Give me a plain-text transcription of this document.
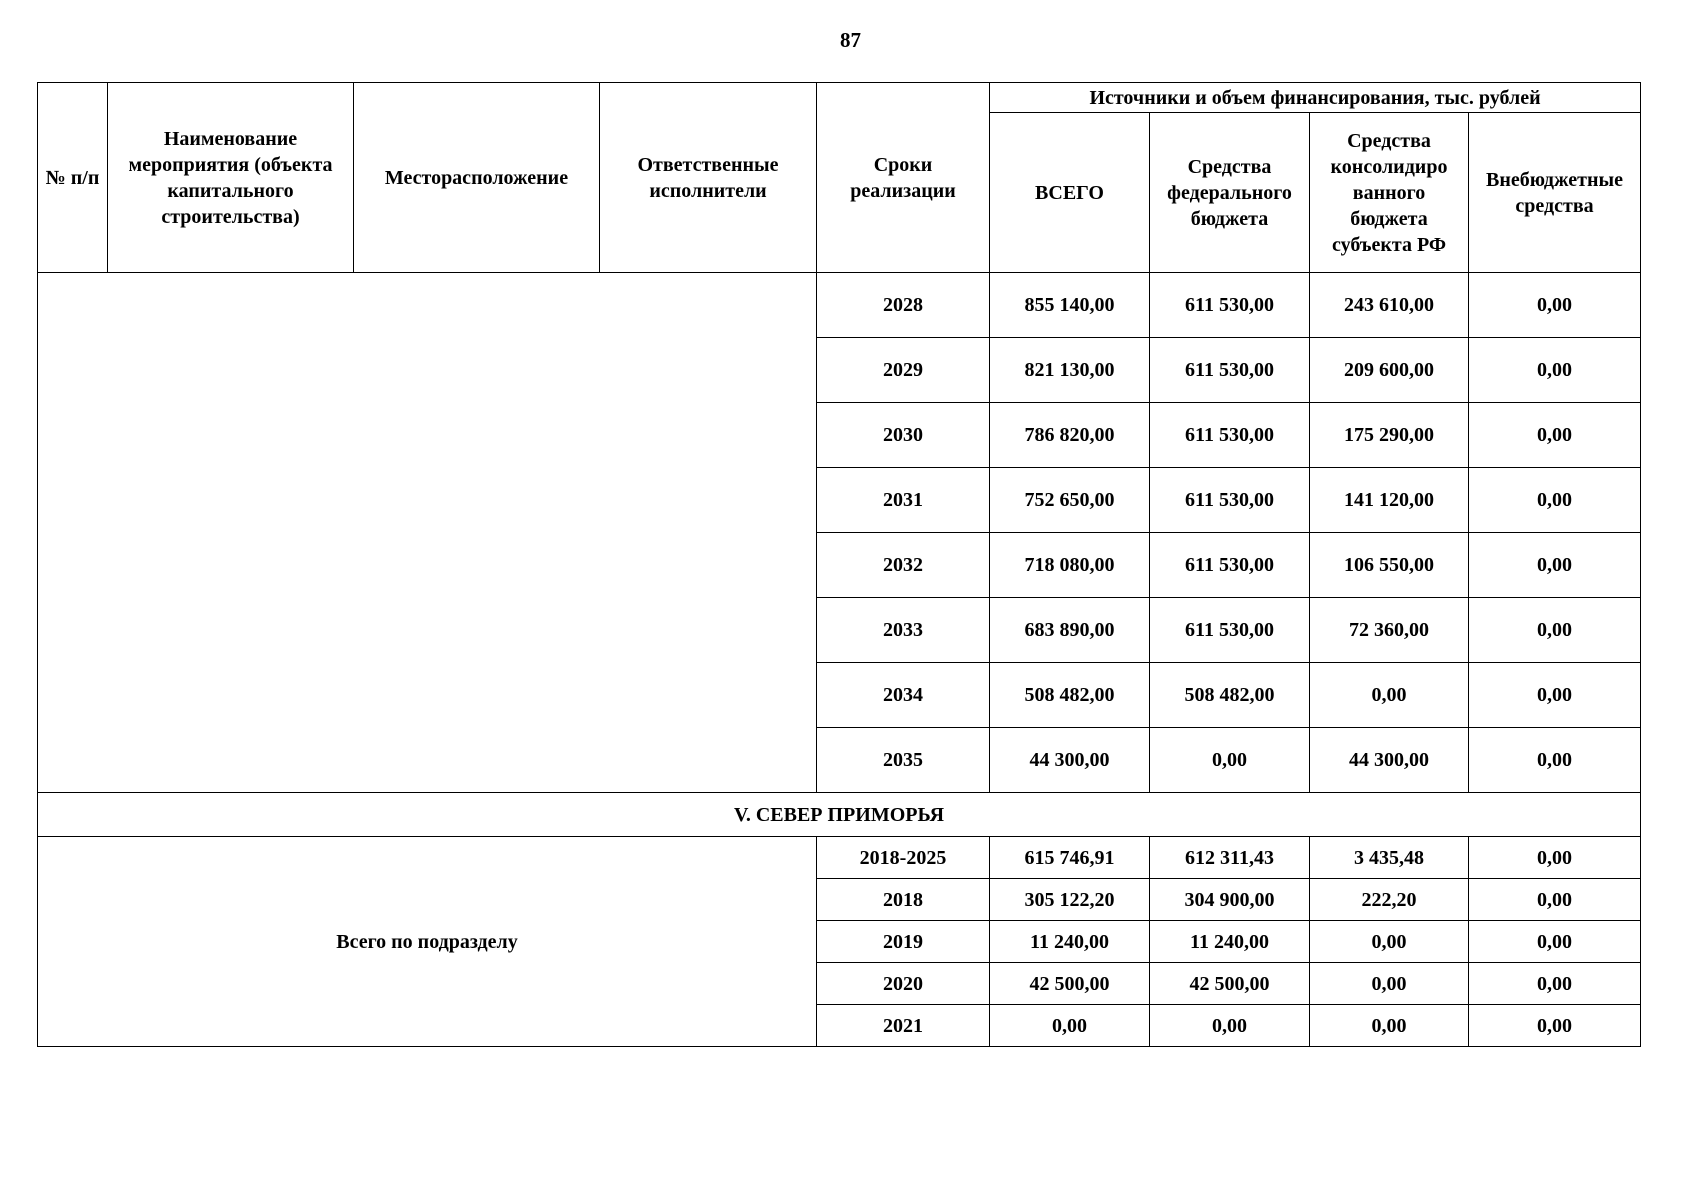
87
№ п/п	Наименование мероприятия (объекта капитального строительства)	Месторасположение	Ответственные исполнители	Сроки реализации	Источники и объем финансирования, тыс. рублей			
					ВСЕГО	Средства федерального бюджета	Средства консолидиро ванного бюджета субъекта РФ	Внебюджетные средства
				2028	855 140,00	611 530,00	243 610,00	0,00
				2029	821 130,00	611 530,00	209 600,00	0,00
				2030	786 820,00	611 530,00	175 290,00	0,00
				2031	752 650,00	611 530,00	141 120,00	0,00
				2032	718 080,00	611 530,00	106 550,00	0,00
				2033	683 890,00	611 530,00	72 360,00	0,00
				2034	508 482,00	508 482,00	0,00	0,00
				2035	44 300,00	0,00	44 300,00	0,00
V. СЕВЕР ПРИМОРЬЯ								
Всего по подразделу				2018-2025	615 746,91	612 311,43	3 435,48	0,00
				2018	305 122,20	304 900,00	222,20	0,00
				2019	11 240,00	11 240,00	0,00	0,00
				2020	42 500,00	42 500,00	0,00	0,00
				2021	0,00	0,00	0,00	0,00
